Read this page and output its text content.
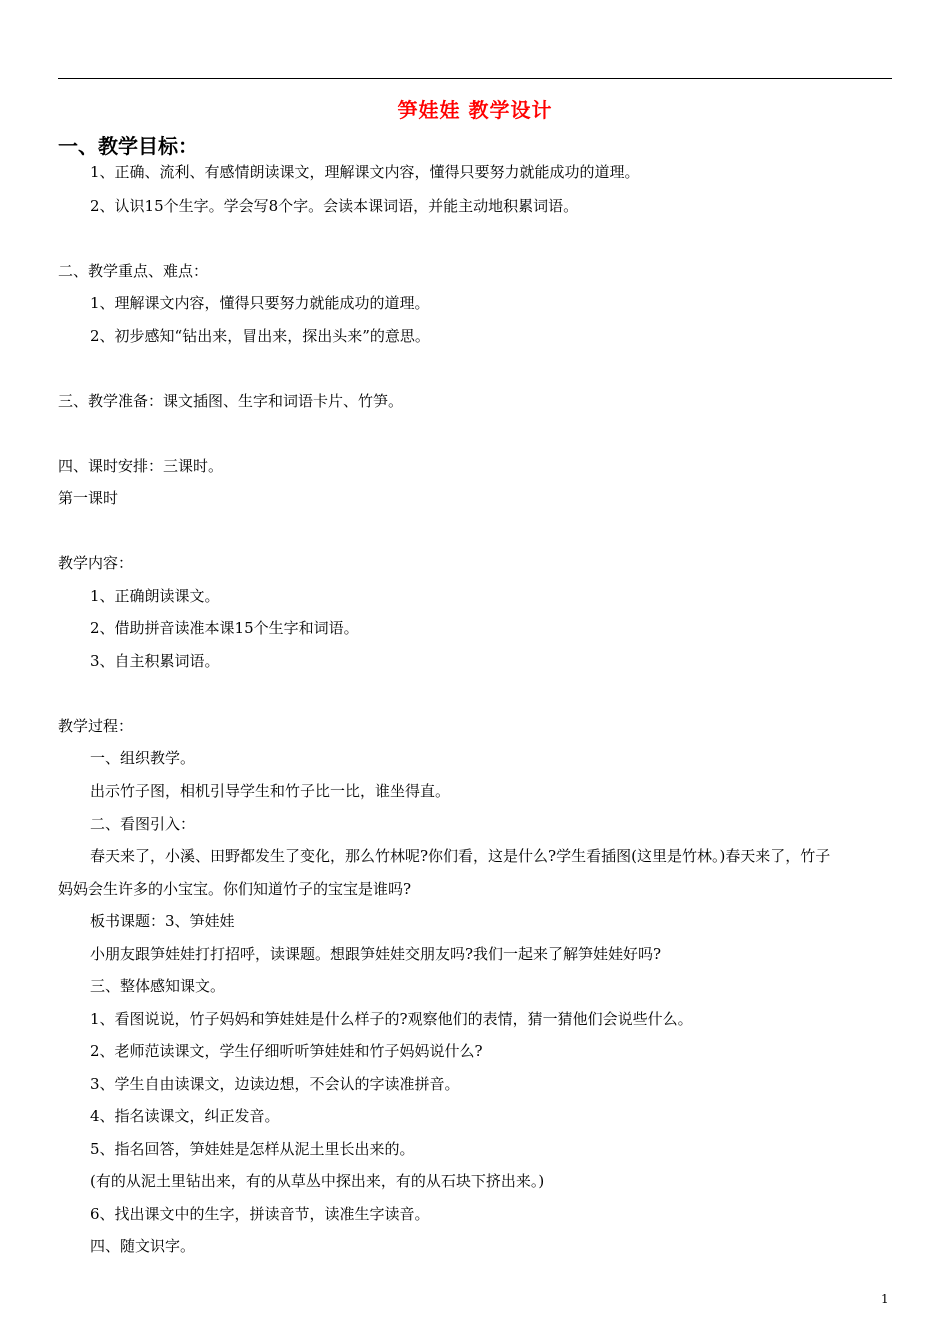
笋娃娃 教学设计
一、教学目标：
1、正确、流利、有感情朗读课文，理解课文内容，懂得只要努力就能成功的道理。
2、认识15个生字。学会写8个字。会读本课词语，并能主动地积累词语。
二、教学重点、难点：
1、理解课文内容，懂得只要努力就能成功的道理。
2、初步感知“钻出来，冒出来，探出头来”的意思。
三、教学准备：课文插图、生字和词语卡片、竹笋。
四、课时安排：三课时。
第一课时
教学内容：
1、正确朗读课文。
2、借助拼音读准本课15个生字和词语。
3、自主积累词语。
教学过程：
一、组织教学。
出示竹子图，相机引导学生和竹子比一比，谁坐得直。
二、看图引入：
春天来了，小溪、田野都发生了变化，那么竹林呢?你们看，这是什么?学生看插图(这里是竹林。)春天来了，竹子
妈妈会生许多的小宝宝。你们知道竹子的宝宝是谁吗?
板书课题：3、笋娃娃
小朋友跟笋娃娃打打招呼，读课题。想跟笋娃娃交朋友吗?我们一起来了解笋娃娃好吗?
三、整体感知课文。
1、看图说说，竹子妈妈和笋娃娃是什么样子的?观察他们的表情，猜一猜他们会说些什么。
2、老师范读课文，学生仔细听听笋娃娃和竹子妈妈说什么?
3、学生自由读课文，边读边想，不会认的字读准拼音。
4、指名读课文，纠正发音。
5、指名回答，笋娃娃是怎样从泥土里长出来的。
(有的从泥土里钻出来，有的从草丛中探出来，有的从石块下挤出来。)
6、找出课文中的生字，拼读音节，读准生字读音。
四、随文识字。
1
